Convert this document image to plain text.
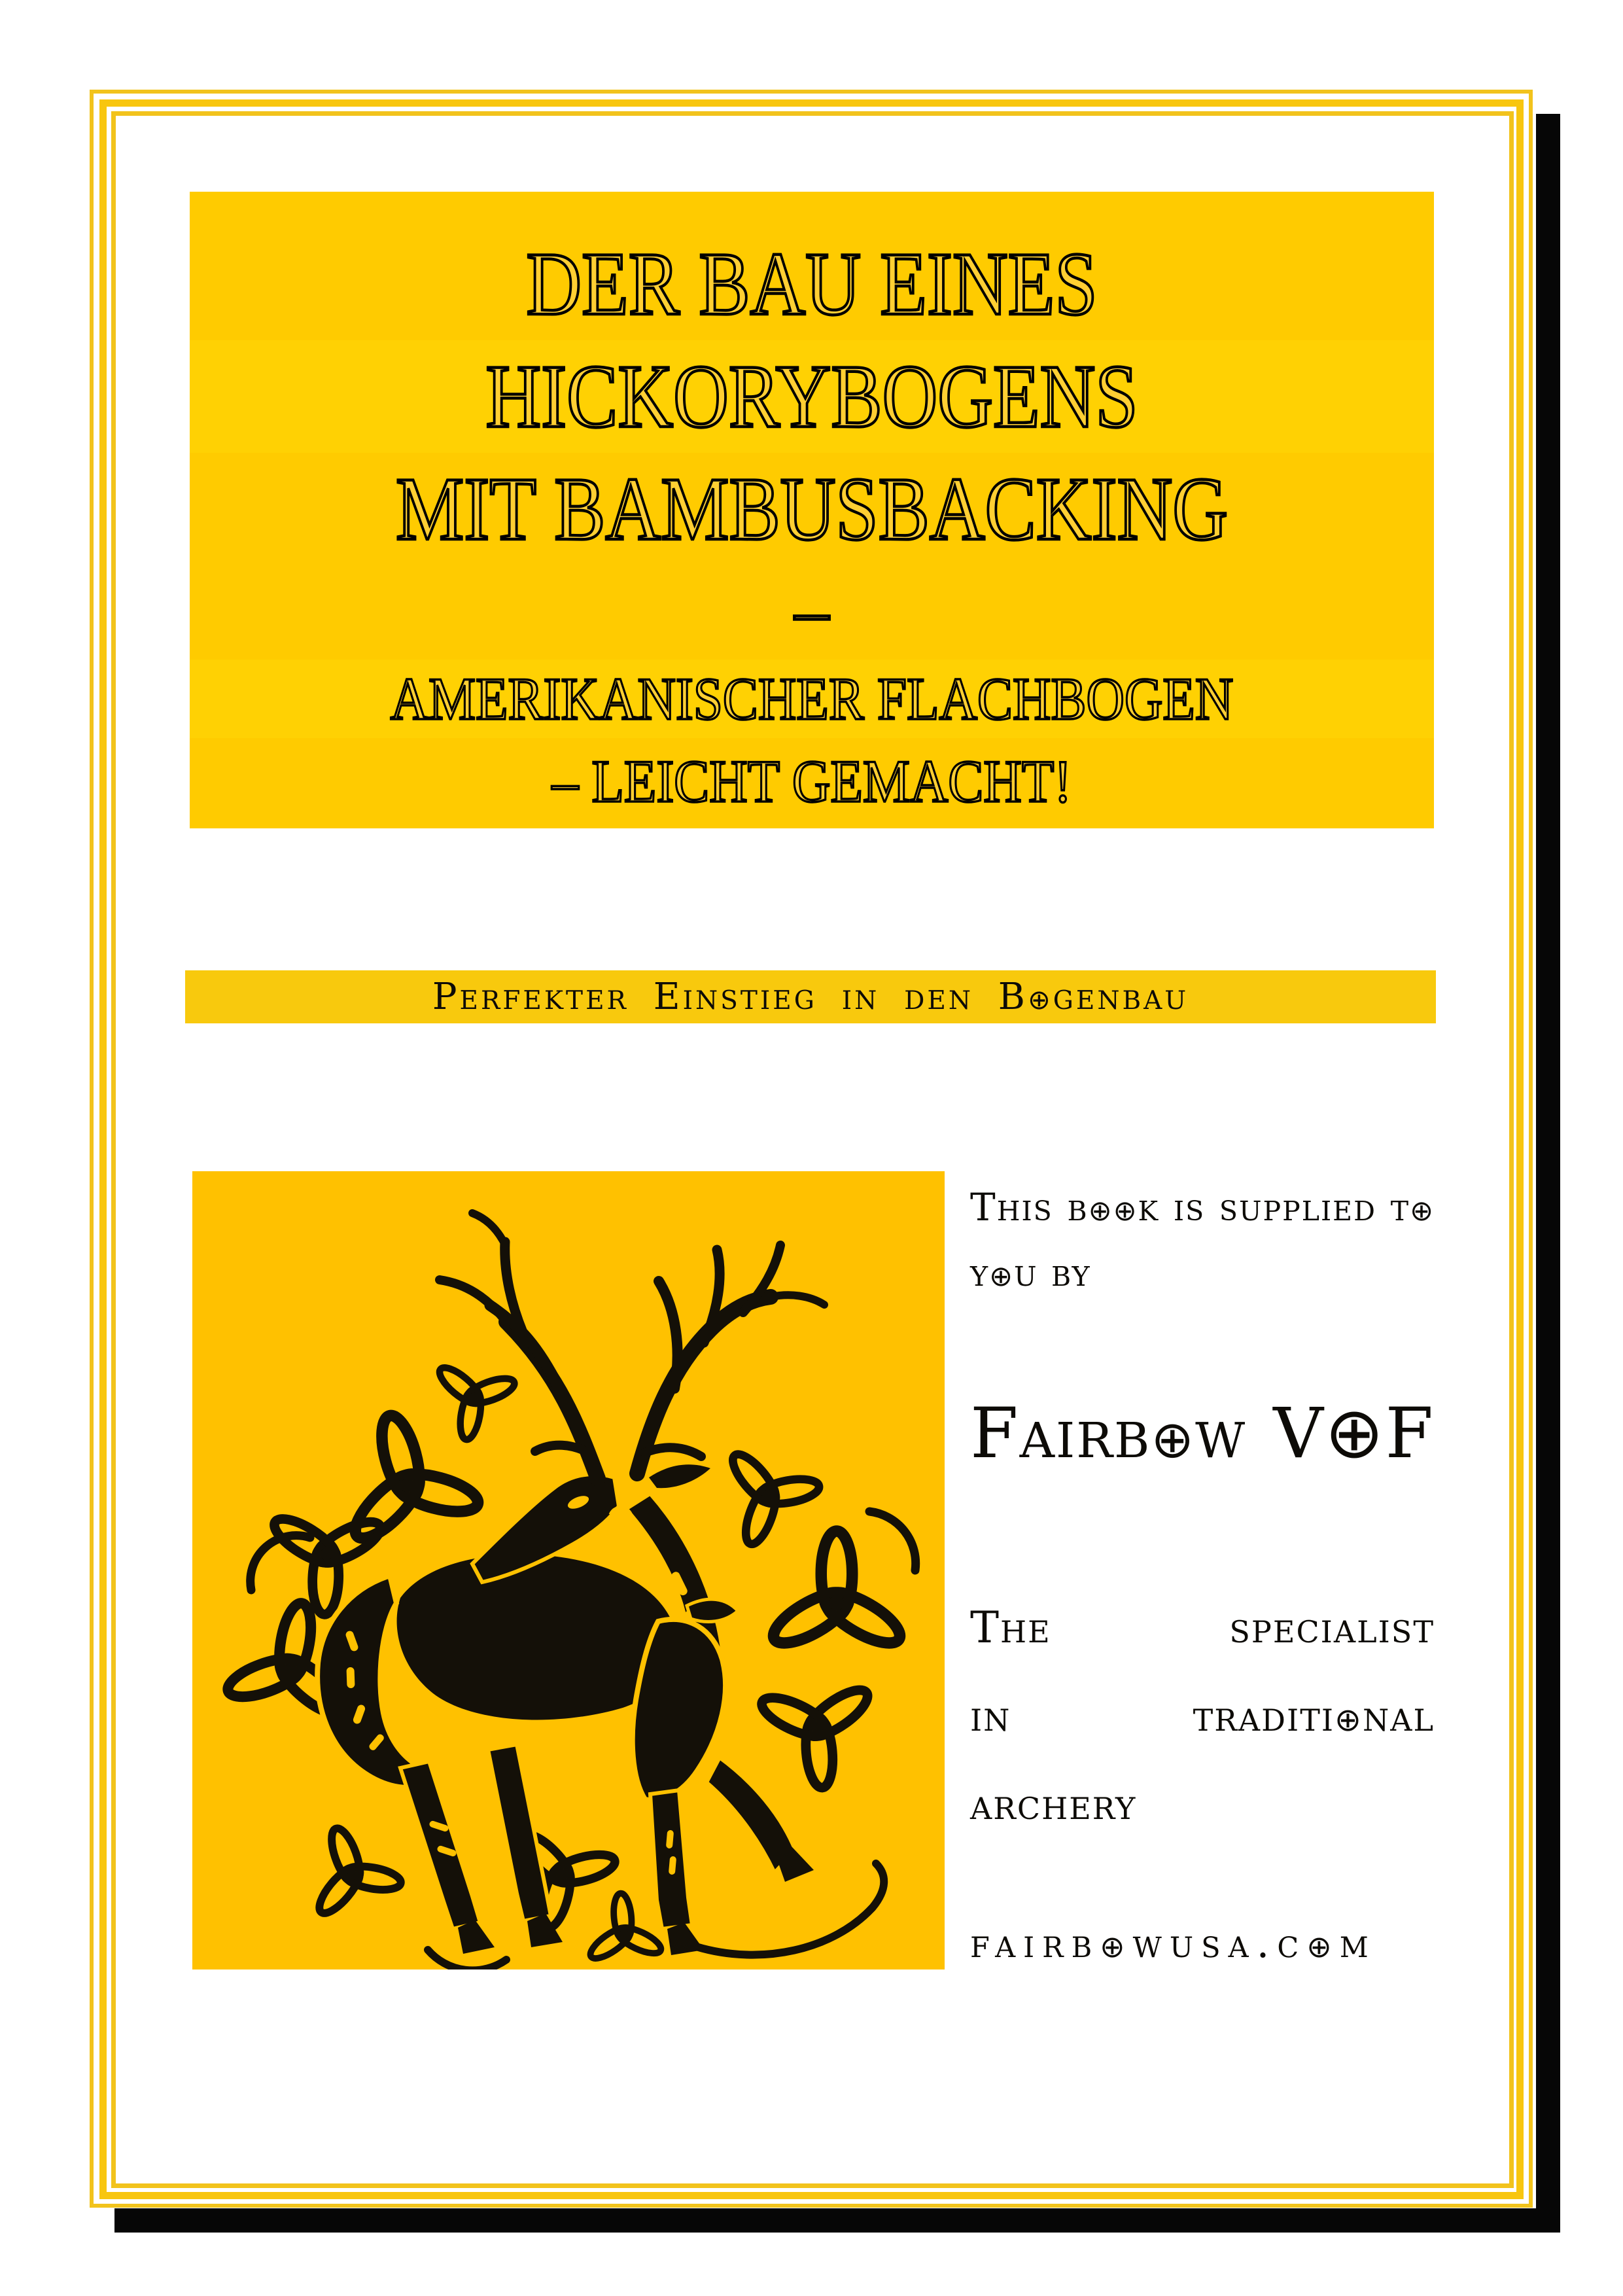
DER BAU EINES
HICKORYBOGENS
MIT BAMBUSBACKING
–
AMERIKANISCHER FLACHBOGEN
– LEICHT GEMACHT!
Perfekter Einstieg in den B⊕genbau
This b⊕⊕k is supplied t⊕
y⊕u by
Fairb⊕w V⊕F
The	specialist
in	traditi⊕nal
archery
fairb⊕wusa.c⊕m
